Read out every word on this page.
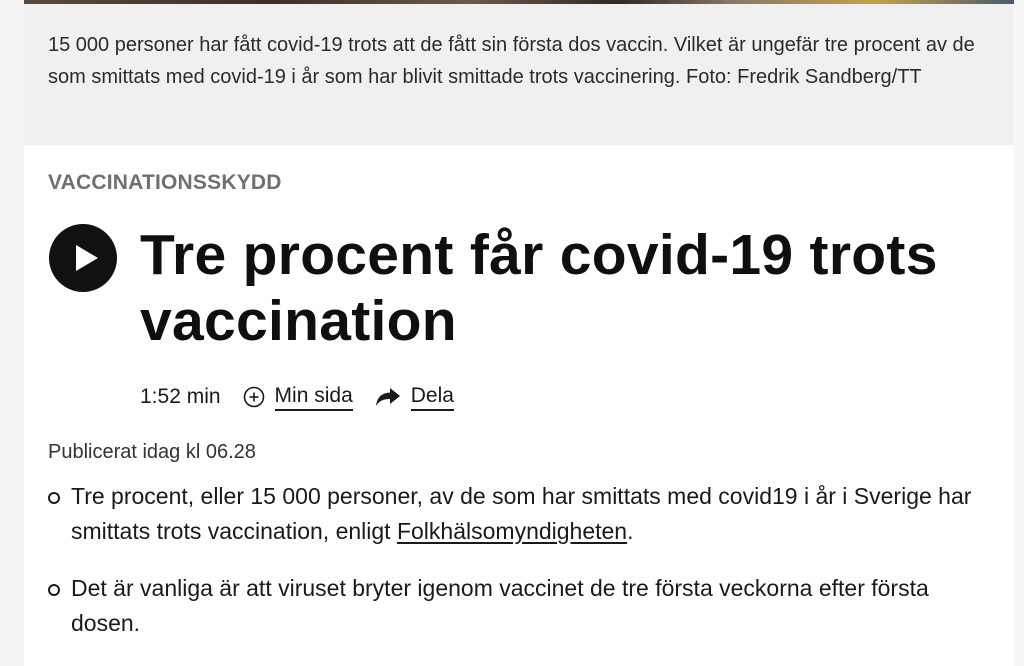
15 000 personer har fått covid-19 trots att de fått sin första dos vaccin. Vilket är ungefär tre procent av de som smittats med covid-19 i år som har blivit smittade trots vaccinering. Foto: Fredrik Sandberg/TT

VACCINATIONSSKYDD

Tre procent får covid-19 trots vaccination
1:52 min	Min sida	Dela

Publicerat idag kl 06.28

Tre procent, eller 15 000 personer, av de som har smittats med covid19 i år i Sverige har smittats trots vaccination, enligt Folkhälsomyndigheten.
Det är vanliga är att viruset bryter igenom vaccinet de tre första veckorna efter första dosen.
